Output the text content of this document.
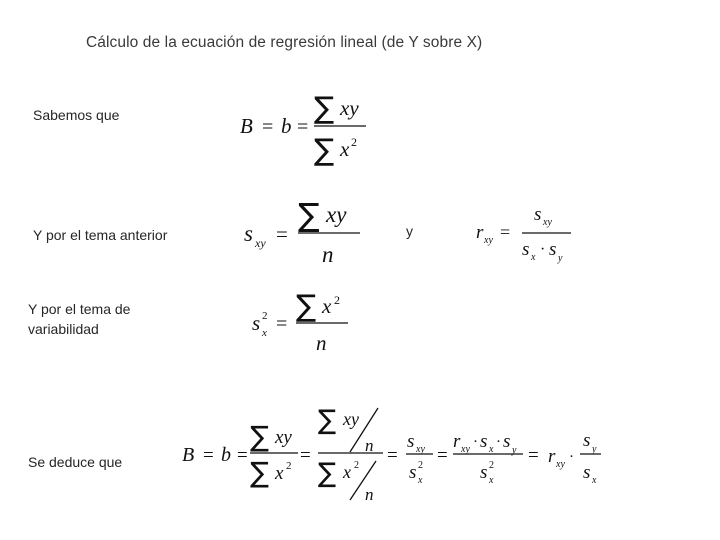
Cálculo de la ecuación de regresión lineal (de Y sobre X)
Sabemos que
Y por el tema anterior	y
Y por el tema de
variabilidad
Se deduce que
B = b =
∑ xy
∑ x 2
s xy = ∑ xy
n
r xy =
s xy
s x · s y
s 2
x = ∑ x 2
n
B = b =
∑ xy
∑ x 2 =
∑ xy
n
∑ x 2
n
=
s xy
s 2
x
=
r xy · s x · s y
s 2
x
= r xy ·
s y
s x
